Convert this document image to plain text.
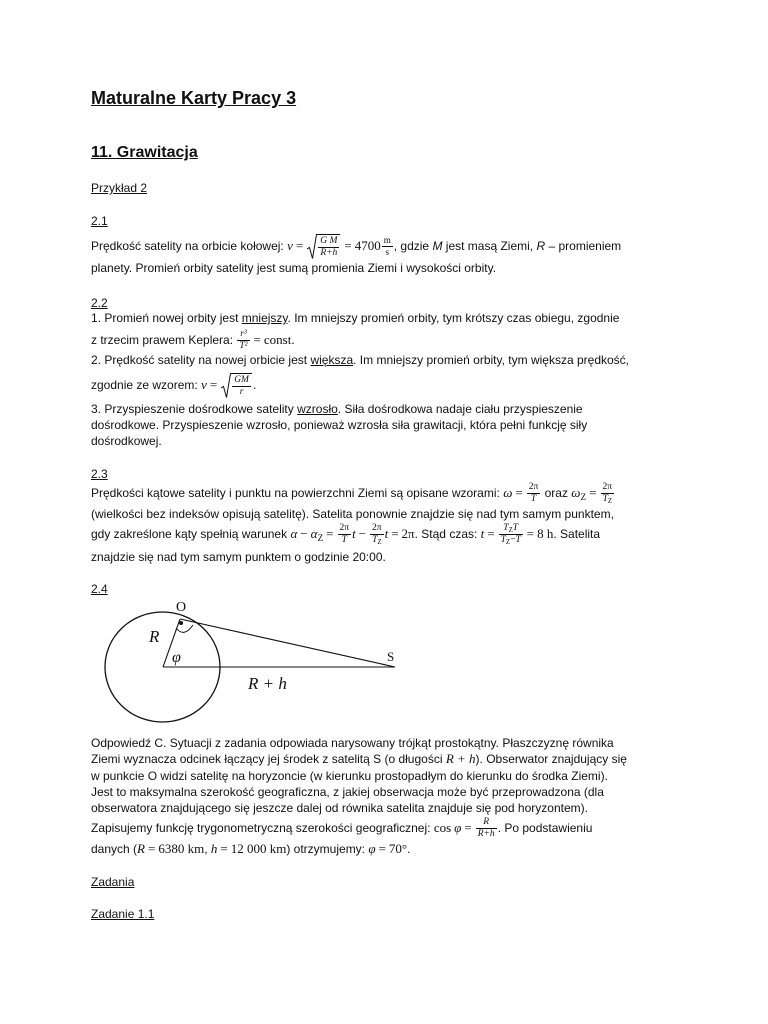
Maturalne Karty Pracy 3
11. Grawitacja
Przykład 2
2.1
Prędkość satelity na orbicie kołowej: $v = \frac{\text{G M}}{R+h} = 4700 \frac{m}{s}$ , gdzie M jest masą Ziemi, R – promieniem
planety. Promień orbity satelity jest sumą promienia Ziemi i wysokości orbity.
2.2
1. Promień nowej orbity jest mniejszy. Im mniejszy promień orbity, tym krótszy czas obiegu, zgodnie
z trzecim prawem Keplera: $\frac{\text{r³}}{\text{T²}}$ = const.
2. Prędkość satelity na nowej orbicie jest większa. Im mniejszy promień orbity, tym większa prędkość,
zgodnie ze wzorem: $v = \frac{GM}{r}$ .
3. Przyspieszenie dośrodkowe satelity wzrosło. Siła dośrodkowa nadaje ciału przyspieszenie
dośrodkowe. Przyspieszenie wzrosło, ponieważ wzrosła siła grawitacji, która pełni funkcję siły
dośrodkowej.
2.3
Prędkości kątowe satelity i punktu na powierzchni Ziemi są opisane wzorami: $\omega = \frac{2\pi}{T}$ oraz $\omega_Z = \frac{2\pi}{T_Z}$
(wielkości bez indeksów opisują satelitę). Satelita ponownie znajdzie się nad tym samym punktem,
gdy zakreślone kąty spełnią warunek $\alpha - \alpha_Z = \frac{2\pi}{T}$ $t - \frac{2\pi}{T_Z}$ t = 2π. Stąd czas: $t = \frac{T_ZT}{T_Z-T} = 8$ h. Satelita
znajdzie się nad tym samym punktem o godzinie 20:00.
2.4
O
S
R
φ
R + h
Odpowiedź C. Sytuacji z zadania odpowiada narysowany trójkąt prostokątny. Płaszczyznę równika
Ziemi wyznacza odcinek łączący jej środek z satelitą S (o długości R + h). Obserwator znajdujący się
w punkcie O widzi satelitę na horyzoncie (w kierunku prostopadłym do kierunku do środka Ziemi).
Jest to maksymalna szerokość geograficzna, z jakiej obserwacja może być przeprowadzona (dla
obserwatora znajdującego się jeszcze dalej od równika satelita znajduje się pod horyzontem).
Zapisujemy funkcję trygonometryczną szerokości geograficznej: $\cos \varphi = \frac{R}{R+h}$ . Po podstawieniu
danych (R = 6380 km, h = 12 000 km) otrzymujemy: φ = 70°.
Zadania
Zadanie 1.1
